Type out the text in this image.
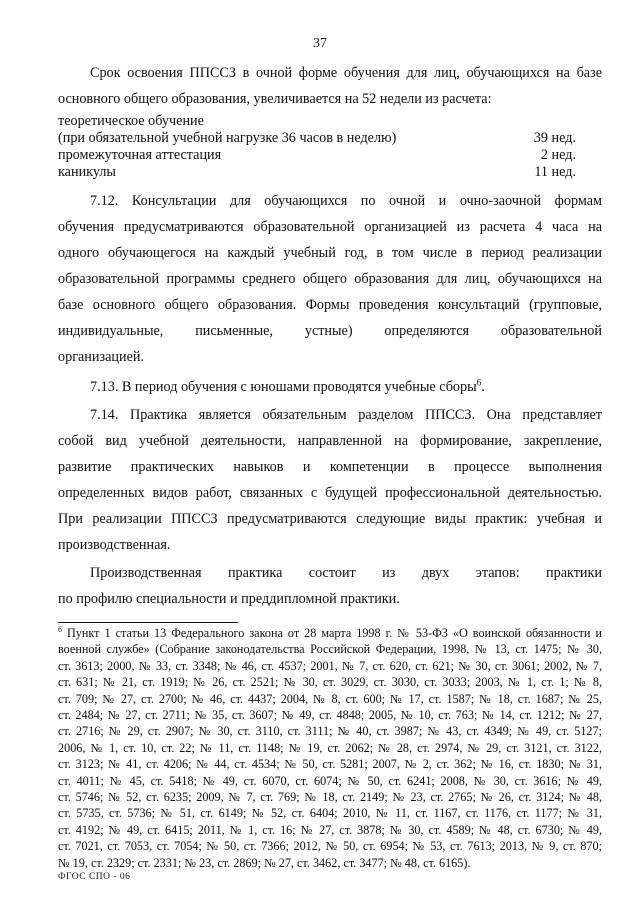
37
Срок освоения ППССЗ в очной форме обучения для лиц, обучающихся на базе
основного общего образования, увеличивается на 52 недели из расчета:
теоретическое обучение
(при обязательной учебной нагрузке 36 часов в неделю)	39 нед.
промежуточная аттестация	2 нед.
каникулы	11 нед.
7.12. Консультации для обучающихся по очной и очно-заочной формам
обучения предусматриваются образовательной организацией из расчета 4 часа на
одного обучающегося на каждый учебный год, в том числе в период реализации
образовательной программы среднего общего образования для лиц, обучающихся на
базе основного общего образования. Формы проведения консультаций (групповые,
индивидуальные, письменные, устные) определяются образовательной
организацией.
7.13. В период обучения с юношами проводятся учебные сборы$^6$.
7.14. Практика является обязательным разделом ППССЗ. Она представляет
собой вид учебной деятельности, направленной на формирование, закрепление,
развитие практических навыков и компетенции в процессе выполнения
определенных видов работ, связанных с будущей профессиональной деятельностью.
При реализации ППССЗ предусматриваются следующие виды практик: учебная и
производственная.
Производственная практика состоит из двух этапов: практики
по профилю специальности и преддипломной практики.
$^6$ Пункт 1 статьи 13 Федерального закона от 28 марта 1998 г. № 53-ФЗ «О воинской обязанности и
военной службе» (Собрание законодательства Российской Федерации, 1998, № 13, ст. 1475; № 30,
ст. 3613; 2000, № 33, ст. 3348; № 46, ст. 4537; 2001, № 7, ст. 620, ст. 621; № 30, ст. 3061; 2002, № 7,
ст. 631; № 21, ст. 1919; № 26, ст. 2521; № 30, ст. 3029, ст. 3030, ст. 3033; 2003, № 1, ст. 1; № 8,
ст. 709; № 27, ст. 2700; № 46, ст. 4437; 2004, № 8, ст. 600; № 17, ст. 1587; № 18, ст. 1687; № 25,
ст. 2484; № 27, ст. 2711; № 35, ст. 3607; № 49, ст. 4848; 2005, № 10, ст. 763; № 14, ст. 1212; № 27,
ст. 2716; № 29, ст. 2907; № 30, ст. 3110, ст. 3111; № 40, ст. 3987; № 43, ст. 4349; № 49, ст. 5127;
2006, № 1, ст. 10, ст. 22; № 11, ст. 1148; № 19, ст. 2062; № 28, ст. 2974, № 29, ст. 3121, ст. 3122,
ст. 3123; № 41, ст. 4206; № 44, ст. 4534; № 50, ст. 5281; 2007, № 2, ст. 362; № 16, ст. 1830; № 31,
ст. 4011; № 45, ст. 5418; № 49, ст. 6070, ст. 6074; № 50, ст. 6241; 2008, № 30, ст. 3616; № 49,
ст. 5746; № 52, ст. 6235; 2009, № 7, ст. 769; № 18, ст. 2149; № 23, ст. 2765; № 26, ст. 3124; № 48,
ст. 5735, ст. 5736; № 51, ст. 6149; № 52, ст. 6404; 2010, № 11, ст. 1167, ст. 1176, ст. 1177; № 31,
ст. 4192; № 49, ст. 6415; 2011, № 1, ст. 16; № 27, ст. 3878; № 30, ст. 4589; № 48, ст. 6730; № 49,
ст. 7021, ст. 7053, ст. 7054; № 50, ст. 7366; 2012, № 50, ст. 6954; № 53, ст. 7613; 2013, № 9, ст. 870;
№ 19, ст. 2329; ст. 2331; № 23, ст. 2869; № 27, ст. 3462, ст. 3477; № 48, ст. 6165).
ФГОС СПО - 06
